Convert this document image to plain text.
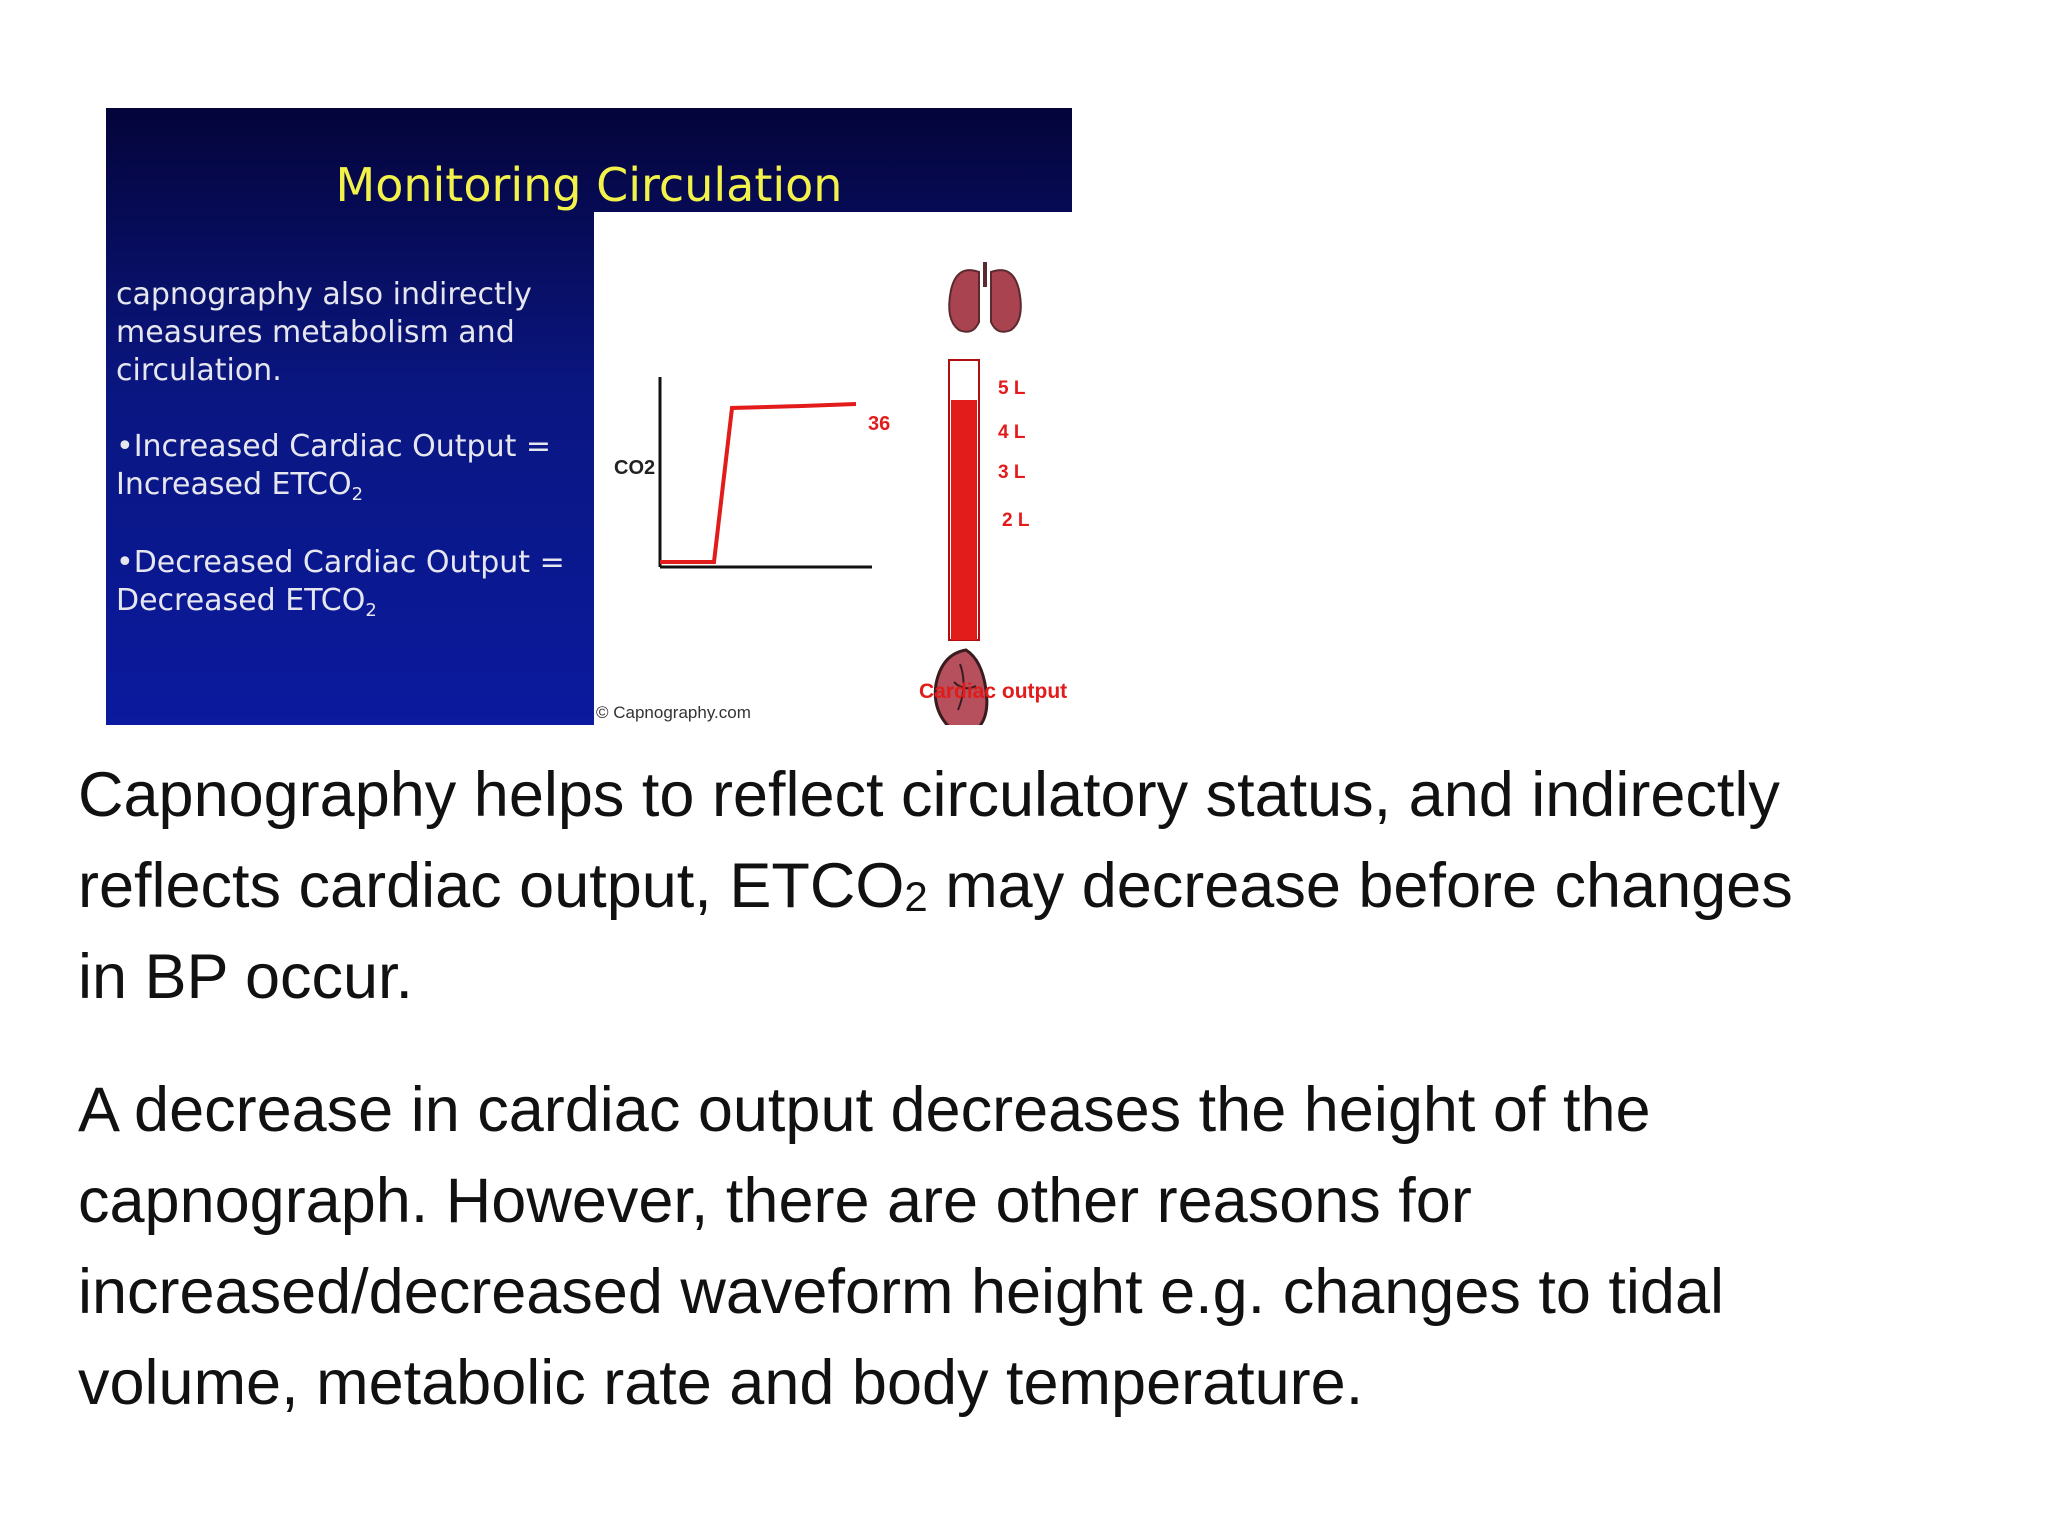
Monitoring Circulation
capnography also indirectly
measures metabolism and
circulation.
•Increased Cardiac Output =
Increased $ETCO_2$
•Decreased Cardiac Output =
Decreased $ETCO_2$
CO2
36
5 L
4 L
3 L
2 L
Cardiac output
© Capnography.com

Capnography helps to reflect circulatory status, and indirectly
reflects cardiac output, ETCO2 may decrease before changes
in BP occur.

A decrease in cardiac output decreases the height of the
capnograph. However, there are other reasons for
increased/decreased waveform height e.g. changes to tidal
volume, metabolic rate and body temperature.
